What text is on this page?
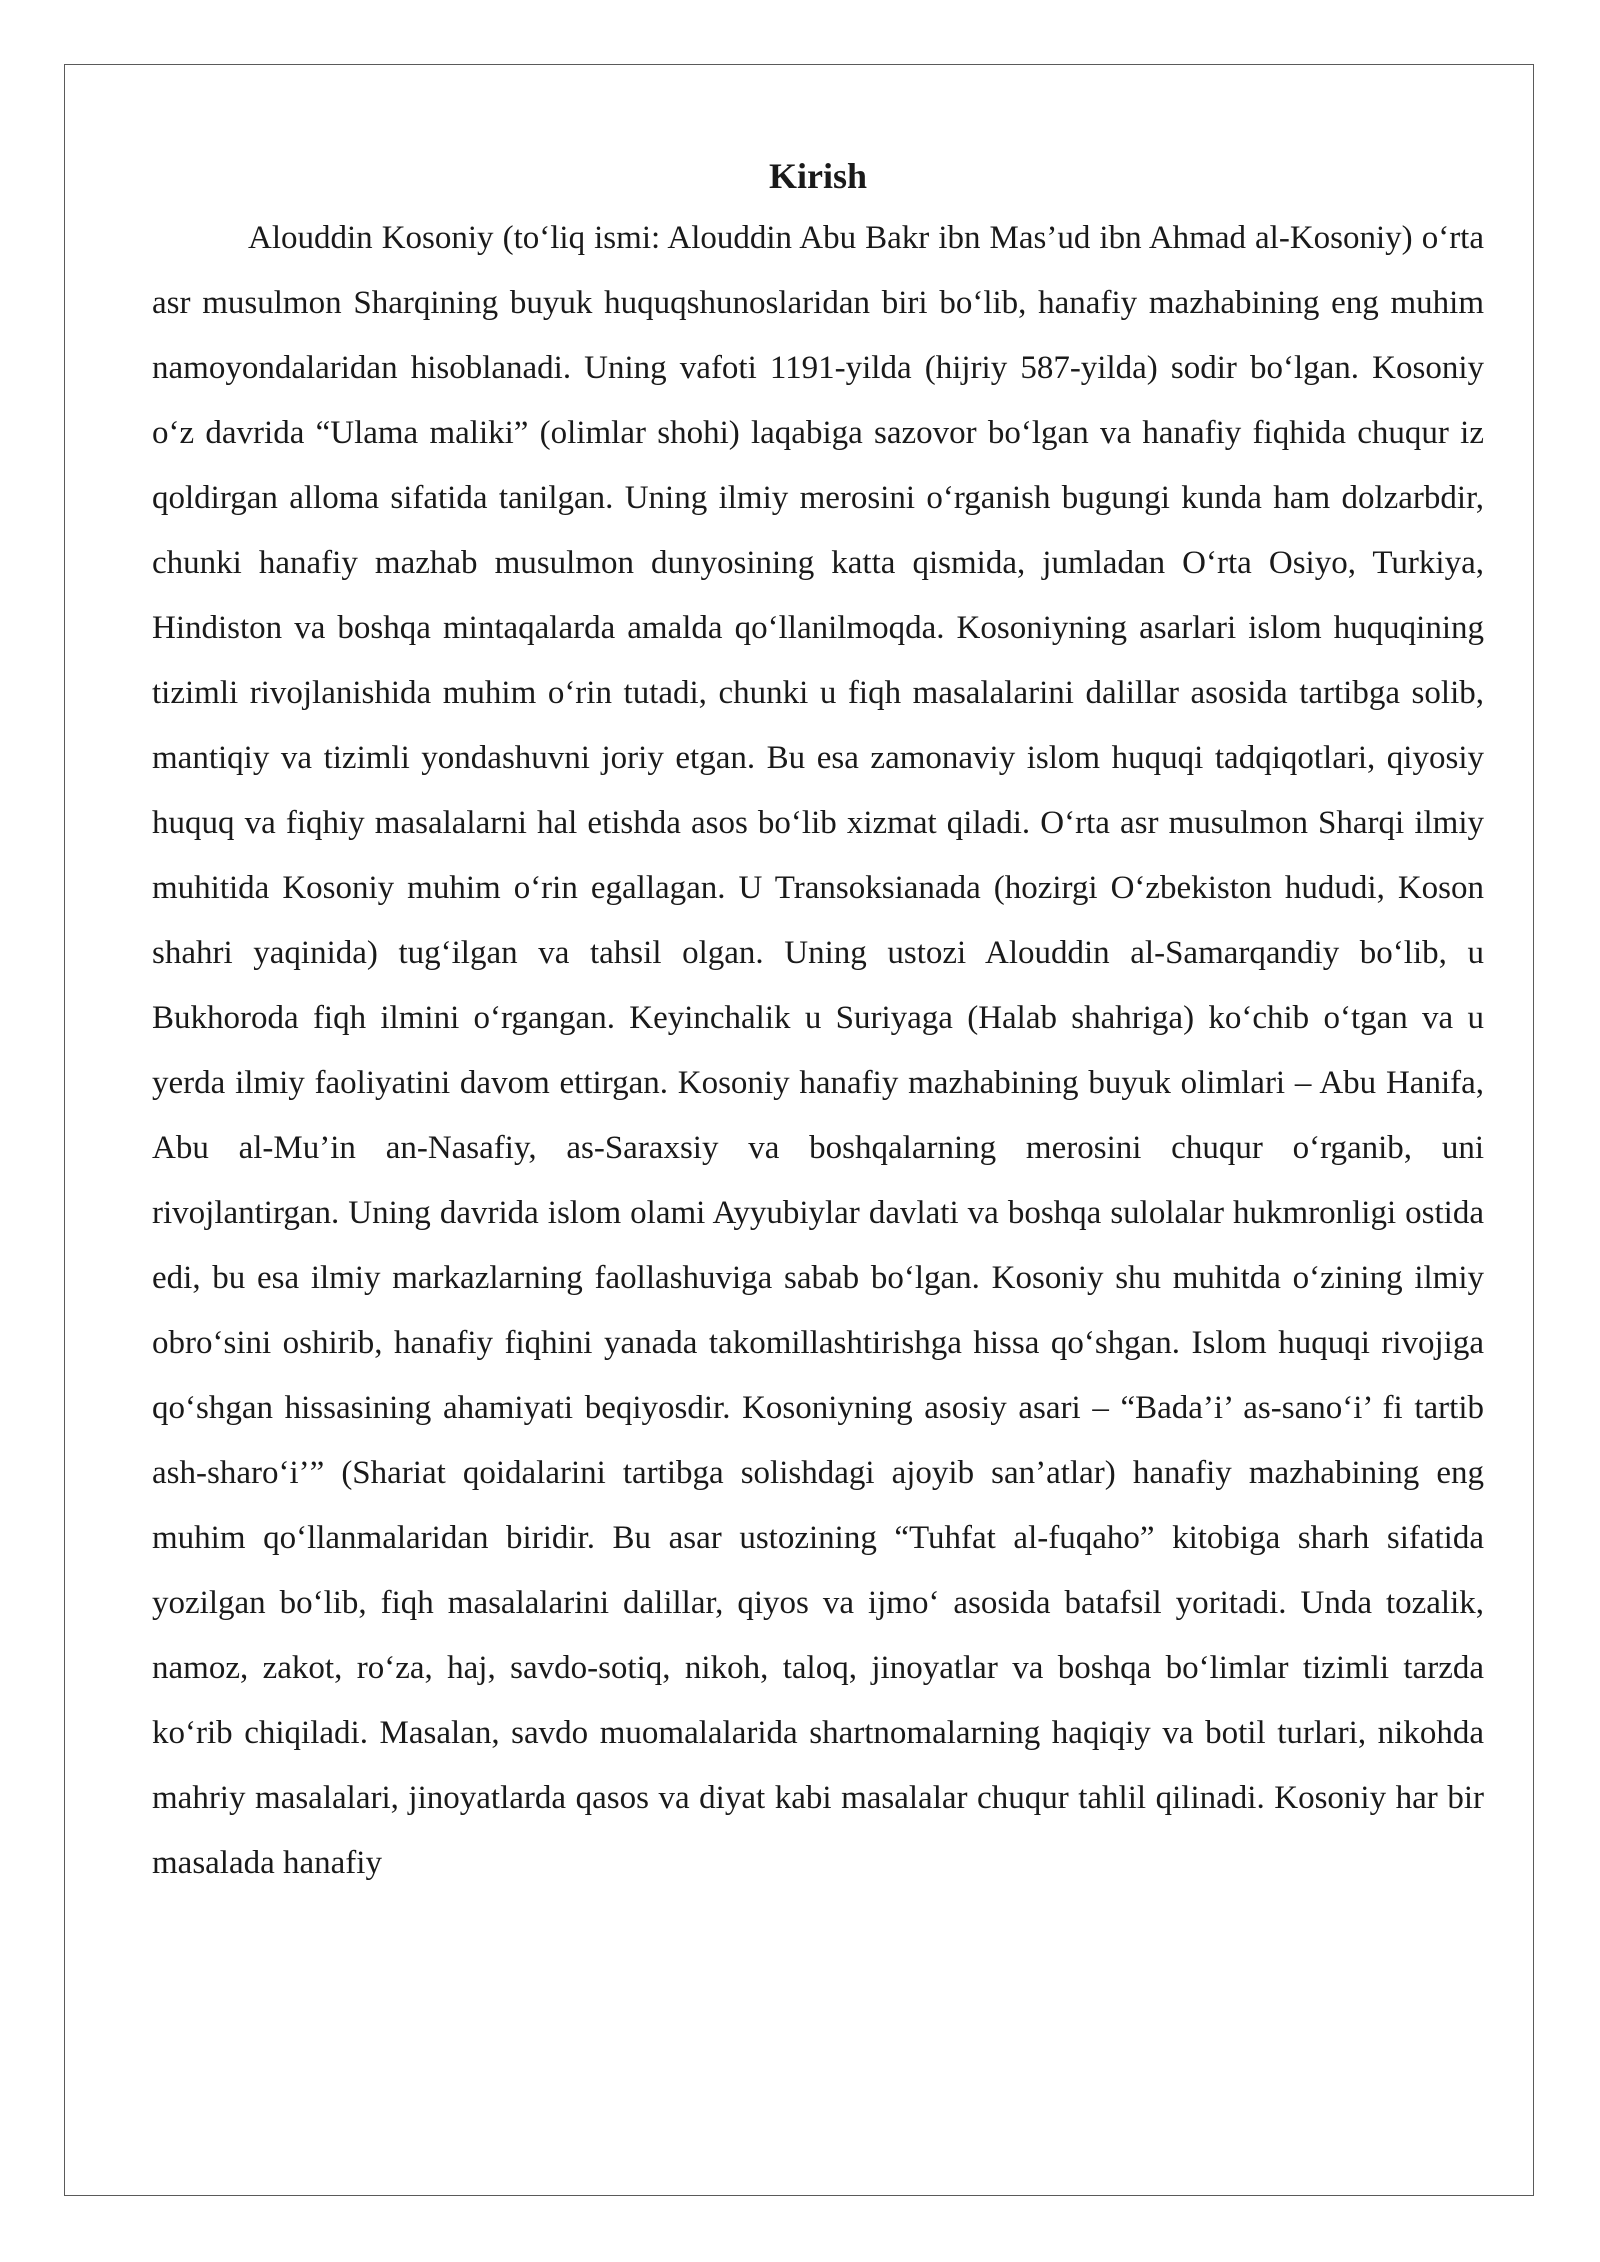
Kirish

Alouddin Kosoniy (to‘liq ismi: Alouddin Abu Bakr ibn Mas’ud ibn Ahmad al-Kosoniy) o‘rta asr musulmon Sharqining buyuk huquqshunoslaridan biri bo‘lib, hanafiy mazhabining eng muhim namoyondalaridan hisoblanadi. Uning vafoti 1191-yilda (hijriy 587-yilda) sodir bo‘lgan. Kosoniy o‘z davrida “Ulama maliki” (olimlar shohi) laqabiga sazovor bo‘lgan va hanafiy fiqhida chuqur iz qoldirgan alloma sifatida tanilgan. Uning ilmiy merosini o‘rganish bugungi kunda ham dolzarbdir, chunki hanafiy mazhab musulmon dunyosining katta qismida, jumladan O‘rta Osiyo, Turkiya, Hindiston va boshqa mintaqalarda amalda qo‘llanilmoqda. Kosoniyning asarlari islom huquqining tizimli rivojlanishida muhim o‘rin tutadi, chunki u fiqh masalalarini dalillar asosida tartibga solib, mantiqiy va tizimli yondashuvni joriy etgan. Bu esa zamonaviy islom huquqi tadqiqotlari, qiyosiy huquq va fiqhiy masalalarni hal etishda asos bo‘lib xizmat qiladi. O‘rta asr musulmon Sharqi ilmiy muhitida Kosoniy muhim o‘rin egallagan. U Transoksianada (hozirgi O‘zbekiston hududi, Koson shahri yaqinida) tug‘ilgan va tahsil olgan. Uning ustozi Alouddin al-Samarqandiy bo‘lib, u Bukhoroda fiqh ilmini o‘rgangan. Keyinchalik u Suriyaga (Halab shahriga) ko‘chib o‘tgan va u yerda ilmiy faoliyatini davom ettirgan. Kosoniy hanafiy mazhabining buyuk olimlari – Abu Hanifa, Abu al-Mu’in an-Nasafiy, as-Saraxsiy va boshqalarning merosini chuqur o‘rganib, uni rivojlantirgan. Uning davrida islom olami Ayyubiylar davlati va boshqa sulolalar hukmronligi ostida edi, bu esa ilmiy markazlarning faollashuviga sabab bo‘lgan. Kosoniy shu muhitda o‘zining ilmiy obro‘sini oshirib, hanafiy fiqhini yanada takomillashtirishga hissa qo‘shgan. Islom huquqi rivojiga qo‘shgan hissasining ahamiyati beqiyosdir. Kosoniyning asosiy asari – “Bada’i’ as-sano‘i’ fi tartib ash-sharo‘i’” (Shariat qoidalarini tartibga solishdagi ajoyib san’atlar) hanafiy mazhabining eng muhim qo‘llanmalaridan biridir. Bu asar ustozining “Tuhfat al-fuqaho” kitobiga sharh sifatida yozilgan bo‘lib, fiqh masalalarini dalillar, qiyos va ijmo‘ asosida batafsil yoritadi. Unda tozalik, namoz, zakot, ro‘za, haj, savdo-sotiq, nikoh, taloq, jinoyatlar va boshqa bo‘limlar tizimli tarzda ko‘rib chiqiladi. Masalan, savdo muomalalarida shartnomalarning haqiqiy va botil turlari, nikohda mahriy masalalari, jinoyatlarda qasos va diyat kabi masalalar chuqur tahlil qilinadi. Kosoniy har bir masalada hanafiy
